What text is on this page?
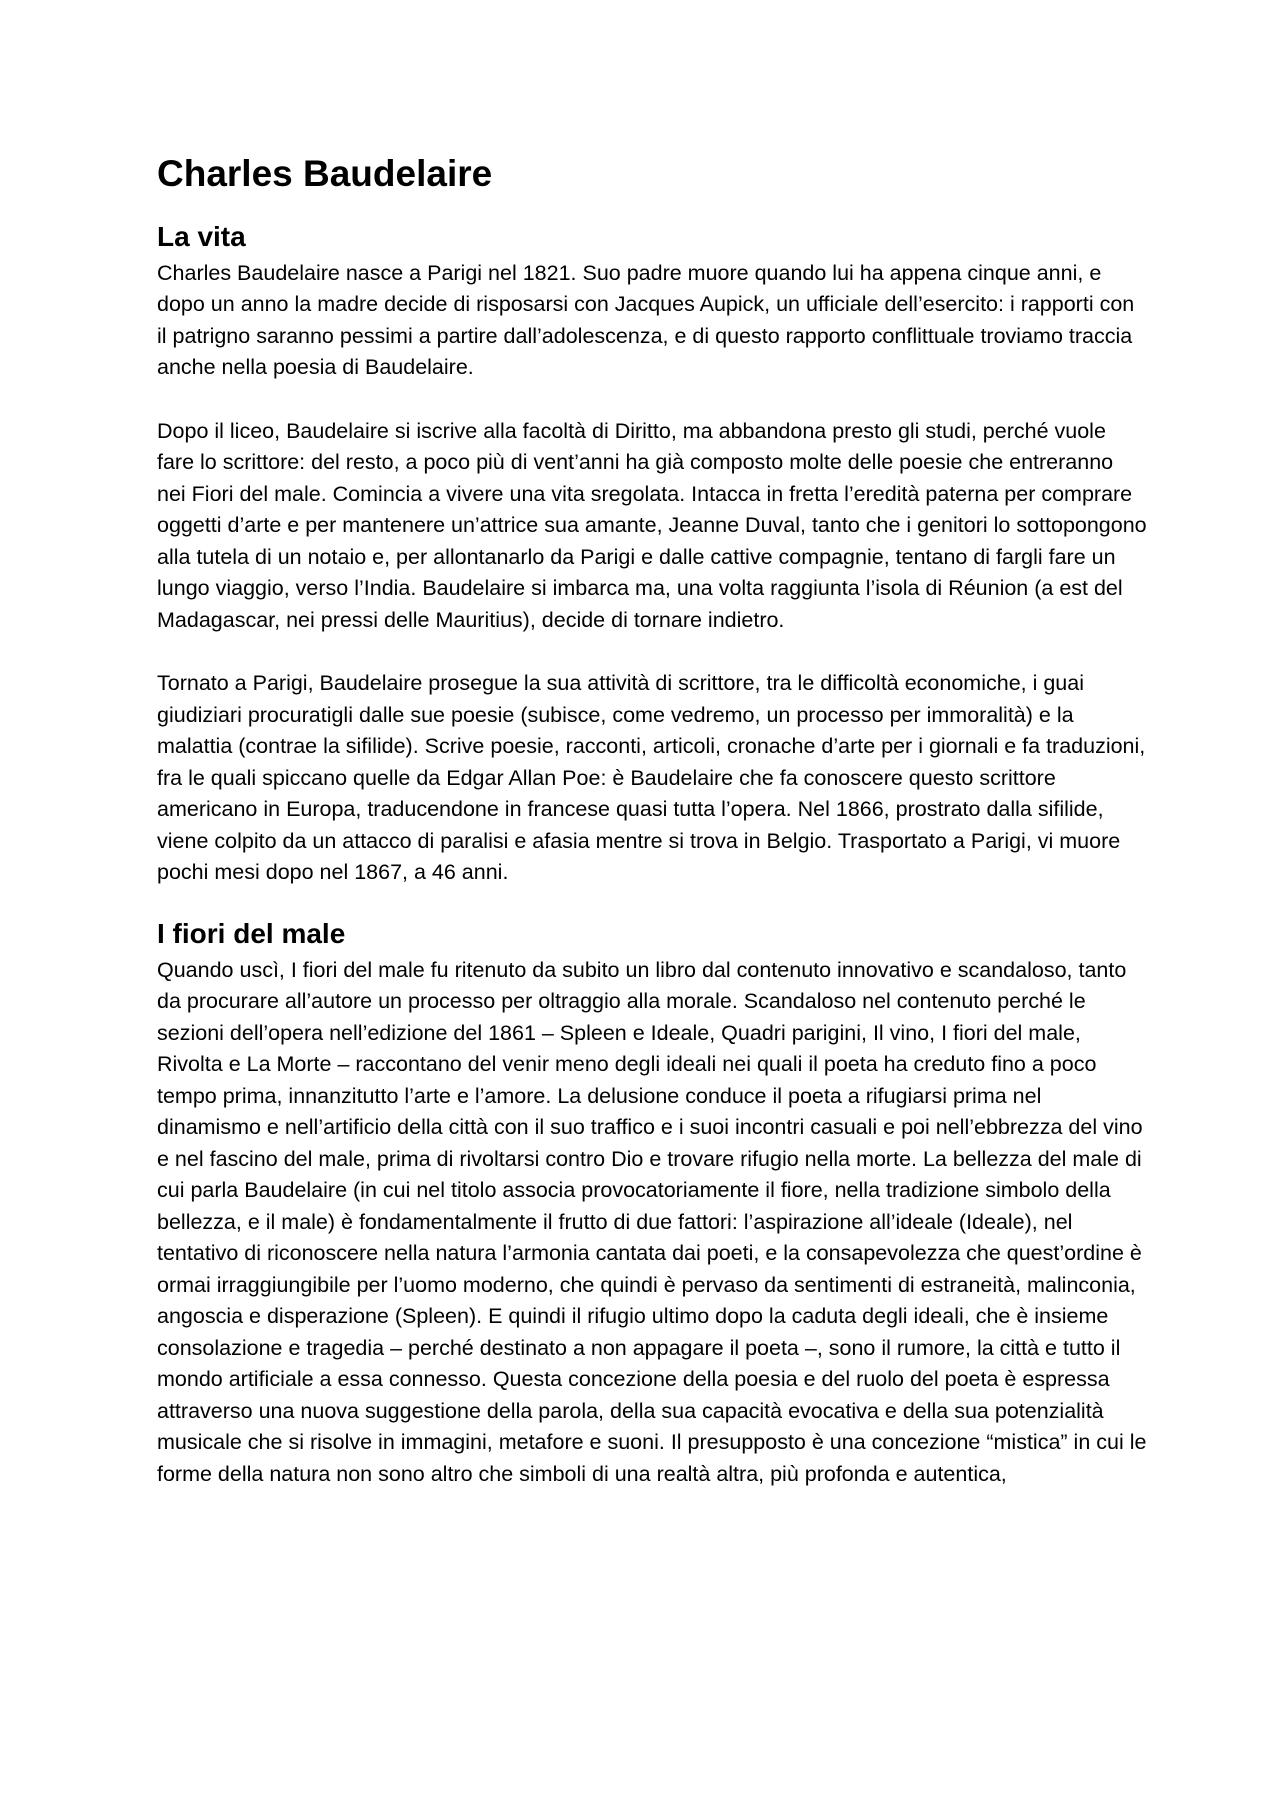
Charles Baudelaire
La vita

Charles Baudelaire nasce a Parigi nel 1821. Suo padre muore quando lui ha appena cinque anni, e dopo un anno la madre decide di risposarsi con Jacques Aupick, un ufficiale dell’esercito: i rapporti con il patrigno saranno pessimi a partire dall’adolescenza, e di questo rapporto conflittuale troviamo traccia anche nella poesia di Baudelaire.

Dopo il liceo, Baudelaire si iscrive alla facoltà di Diritto, ma abbandona presto gli studi, perché vuole fare lo scrittore: del resto, a poco più di vent’anni ha già composto molte delle poesie che entreranno nei Fiori del male. Comincia a vivere una vita sregolata. Intacca in fretta l’eredità paterna per comprare oggetti d’arte e per mantenere un’attrice sua amante, Jeanne Duval, tanto che i genitori lo sottopongono alla tutela di un notaio e, per allontanarlo da Parigi e dalle cattive compagnie, tentano di fargli fare un lungo viaggio, verso l’India. Baudelaire si imbarca ma, una volta raggiunta l’isola di Réunion (a est del Madagascar, nei pressi delle Mauritius), decide di tornare indietro.

Tornato a Parigi, Baudelaire prosegue la sua attività di scrittore, tra le difficoltà economiche, i guai giudiziari procuratigli dalle sue poesie (subisce, come vedremo, un processo per immoralità) e la malattia (contrae la sifilide). Scrive poesie, racconti, articoli, cronache d’arte per i giornali e fa traduzioni, fra le quali spiccano quelle da Edgar Allan Poe: è Baudelaire che fa conoscere questo scrittore americano in Europa, traducendone in francese quasi tutta l’opera. Nel 1866, prostrato dalla sifilide, viene colpito da un attacco di paralisi e afasia mentre si trova in Belgio. Trasportato a Parigi, vi muore pochi mesi dopo nel 1867, a 46 anni.

I fiori del male

Quando uscì, I fiori del male fu ritenuto da subito un libro dal contenuto innovativo e scandaloso, tanto da procurare all’autore un processo per oltraggio alla morale. Scandaloso nel contenuto perché le sezioni dell’opera nell’edizione del 1861 – Spleen e Ideale, Quadri parigini, Il vino, I fiori del male, Rivolta e La Morte – raccontano del venir meno degli ideali nei quali il poeta ha creduto fino a poco tempo prima, innanzitutto l’arte e l’amore. La delusione conduce il poeta a rifugiarsi prima nel dinamismo e nell’artificio della città con il suo traffico e i suoi incontri casuali e poi nell’ebbrezza del vino e nel fascino del male, prima di rivoltarsi contro Dio e trovare rifugio nella morte. La bellezza del male di cui parla Baudelaire (in cui nel titolo associa provocatoriamente il fiore, nella tradizione simbolo della bellezza, e il male) è fondamentalmente il frutto di due fattori: l’aspirazione all’ideale (Ideale), nel tentativo di riconoscere nella natura l’armonia cantata dai poeti, e la consapevolezza che quest’ordine è ormai irraggiungibile per l’uomo moderno, che quindi è pervaso da sentimenti di estraneità, malinconia, angoscia e disperazione (Spleen). E quindi il rifugio ultimo dopo la caduta degli ideali, che è insieme consolazione e tragedia – perché destinato a non appagare il poeta –, sono il rumore, la città e tutto il mondo artificiale a essa connesso. Questa concezione della poesia e del ruolo del poeta è espressa attraverso una nuova suggestione della parola, della sua capacità evocativa e della sua potenzialità musicale che si risolve in immagini, metafore e suoni. Il presupposto è una concezione “mistica” in cui le forme della natura non sono altro che simboli di una realtà altra, più profonda e autentica,
